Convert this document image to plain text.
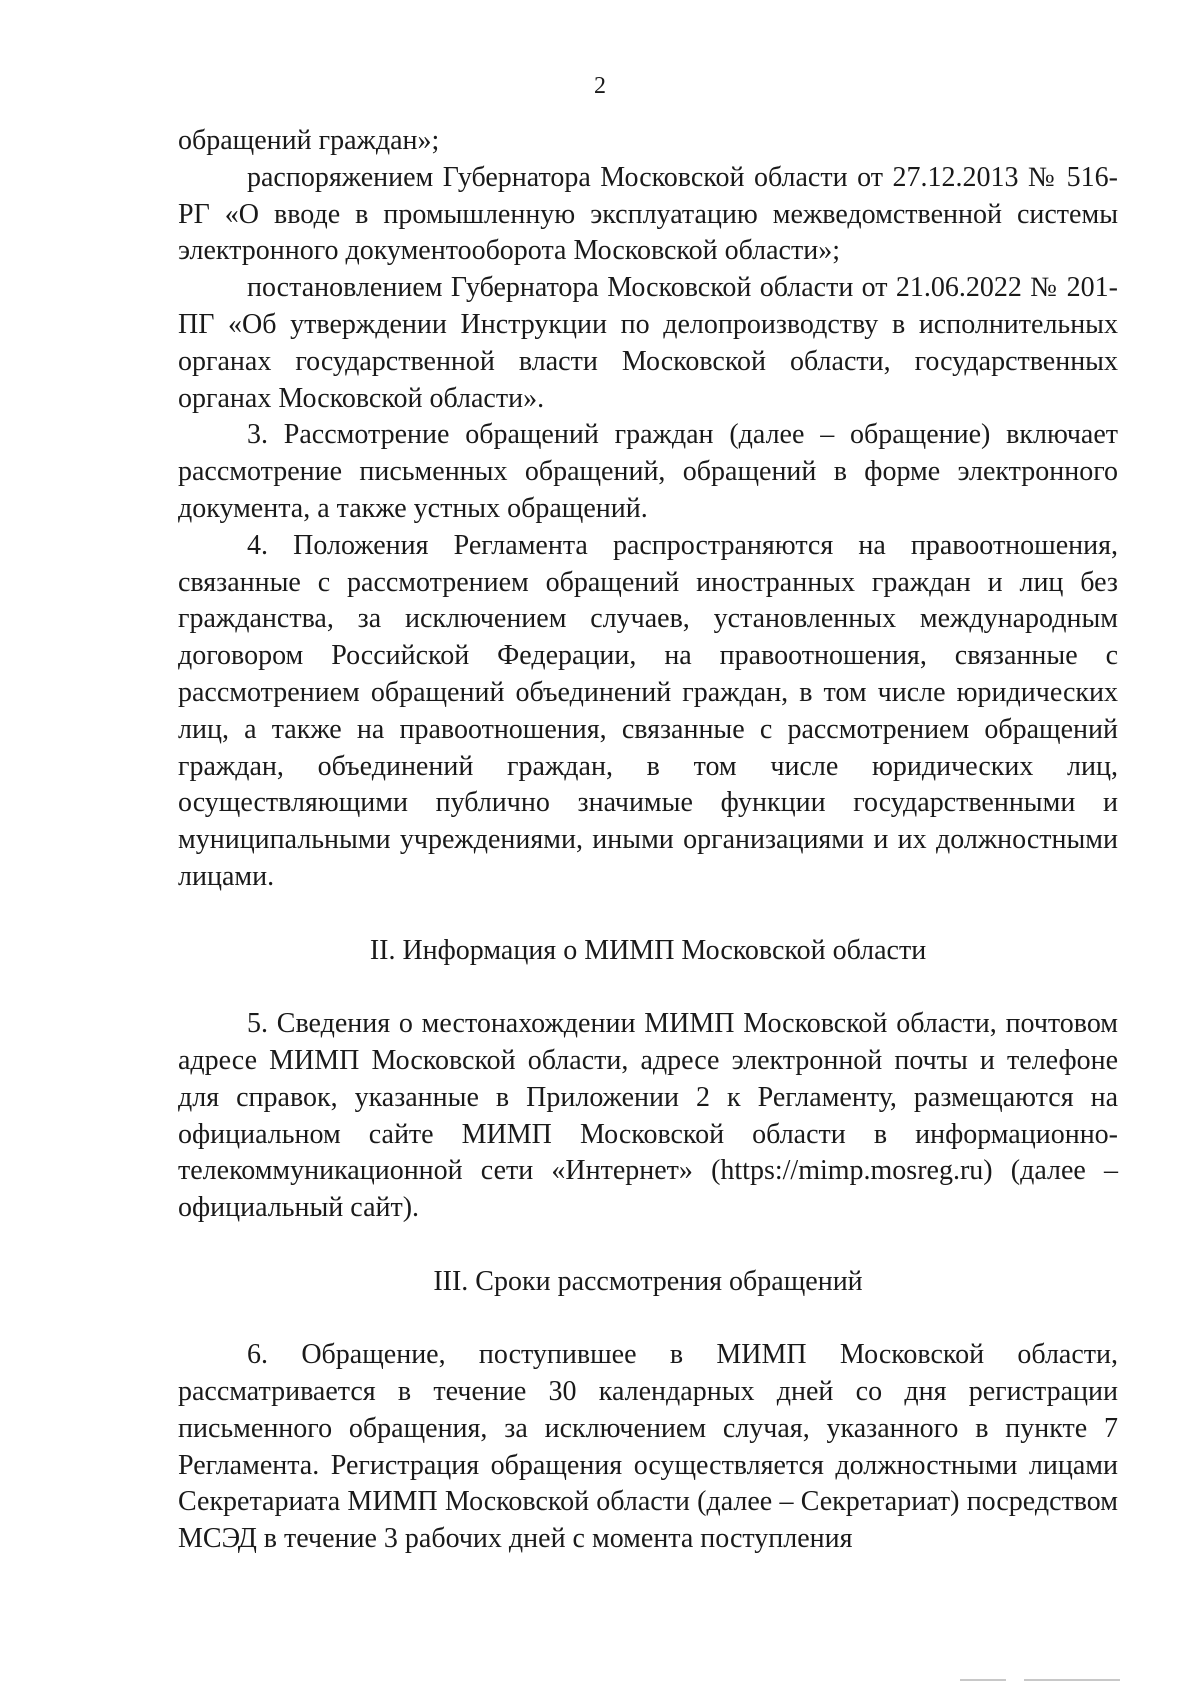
2

обращений граждан»;

распоряжением Губернатора Московской области от 27.12.2013 № 516-РГ «О вводе в промышленную эксплуатацию межведомственной системы электронного документооборота Московской области»;

постановлением Губернатора Московской области от 21.06.2022 № 201-ПГ «Об утверждении Инструкции по делопроизводству в исполнительных органах государственной власти Московской области, государственных органах Московской области».

3. Рассмотрение обращений граждан (далее – обращение) включает рассмотрение письменных обращений, обращений в форме электронного документа, а также устных обращений.

4. Положения Регламента распространяются на правоотношения, связанные с рассмотрением обращений иностранных граждан и лиц без гражданства, за исключением случаев, установленных международным договором Российской Федерации, на правоотношения, связанные с рассмотрением обращений объединений граждан, в том числе юридических лиц, а также на правоотношения, связанные с рассмотрением обращений граждан, объединений граждан, в том числе юридических лиц, осуществляющими публично значимые функции государственными и муниципальными учреждениями, иными организациями и их должностными лицами.

II. Информация о МИМП Московской области

5. Сведения о местонахождении МИМП Московской области, почтовом адресе МИМП Московской области, адресе электронной почты и телефоне для справок, указанные в Приложении 2 к Регламенту, размещаются на официальном сайте МИМП Московской области в информационно-телекоммуникационной сети «Интернет» (https://mimp.mosreg.ru) (далее – официальный сайт).

III. Сроки рассмотрения обращений

6. Обращение, поступившее в МИМП Московской области, рассматривается в течение 30 календарных дней со дня регистрации письменного обращения, за исключением случая, указанного в пункте 7 Регламента. Регистрация обращения осуществляется должностными лицами Секретариата МИМП Московской области (далее – Секретариат) посредством МСЭД в течение 3 рабочих дней с момента поступления
